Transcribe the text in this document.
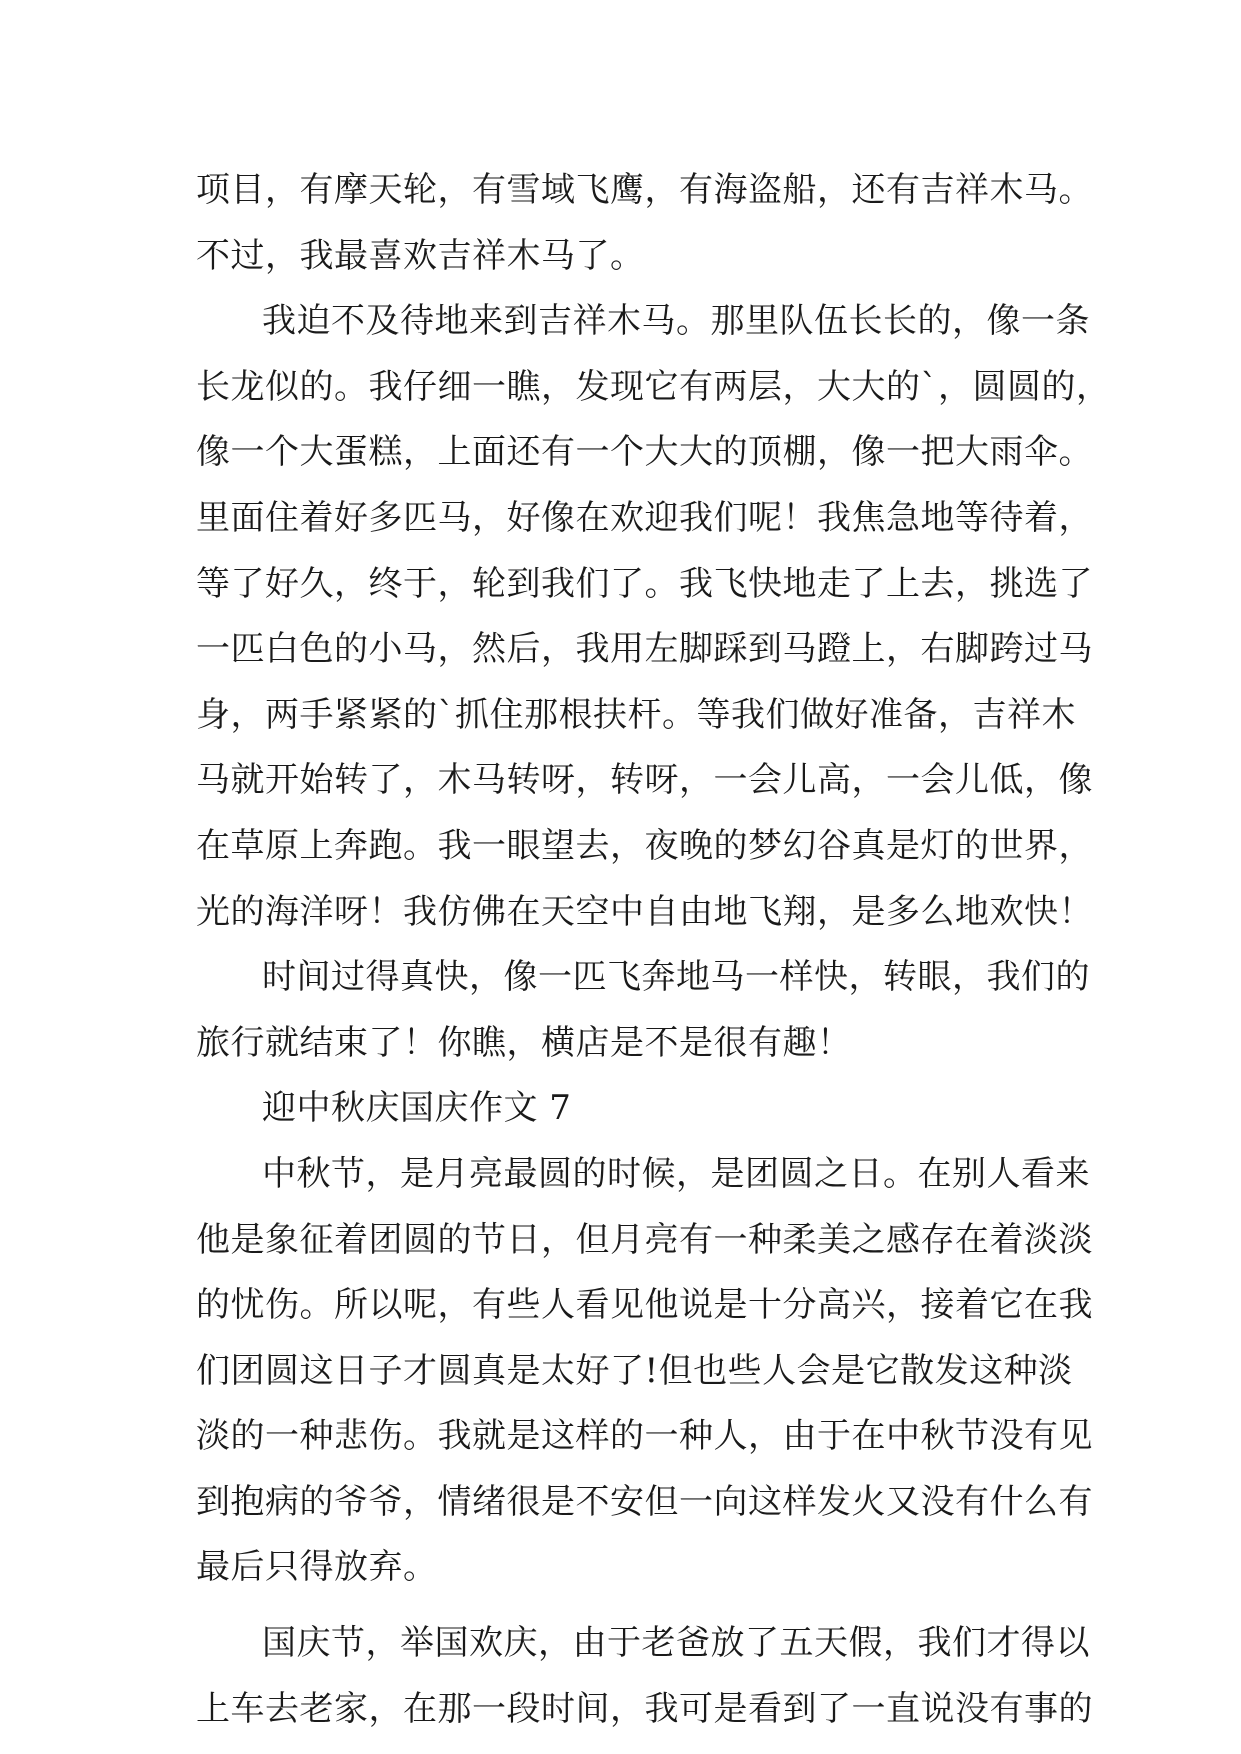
项目，有摩天轮，有雪域飞鹰，有海盗船，还有吉祥木马。
不过，我最喜欢吉祥木马了。
我迫不及待地来到吉祥木马。那里队伍长长的，像一条
长龙似的。我仔细一瞧，发现它有两层，大大的`，圆圆的，
像一个大蛋糕，上面还有一个大大的顶棚，像一把大雨伞。
里面住着好多匹马，好像在欢迎我们呢！我焦急地等待着，
等了好久，终于，轮到我们了。我飞快地走了上去，挑选了
一匹白色的小马，然后，我用左脚踩到马蹬上，右脚跨过马
身，两手紧紧的`抓住那根扶杆。等我们做好准备，吉祥木
马就开始转了，木马转呀，转呀，一会儿高，一会儿低，像
在草原上奔跑。我一眼望去，夜晚的梦幻谷真是灯的世界，
光的海洋呀！我仿佛在天空中自由地飞翔，是多么地欢快！
时间过得真快，像一匹飞奔地马一样快，转眼，我们的
旅行就结束了！你瞧，横店是不是很有趣！
迎中秋庆国庆作文 7
中秋节，是月亮最圆的时候，是团圆之日。在别人看来
他是象征着团圆的节日，但月亮有一种柔美之感存在着淡淡
的忧伤。所以呢，有些人看见他说是十分高兴，接着它在我
们团圆这日子才圆真是太好了!但也些人会是它散发这种淡
淡的一种悲伤。我就是这样的一种人，由于在中秋节没有见
到抱病的爷爷，情绪很是不安但一向这样发火又没有什么有
最后只得放弃。
国庆节，举国欢庆，由于老爸放了五天假，我们才得以
上车去老家，在那一段时间，我可是看到了一直说没有事的
